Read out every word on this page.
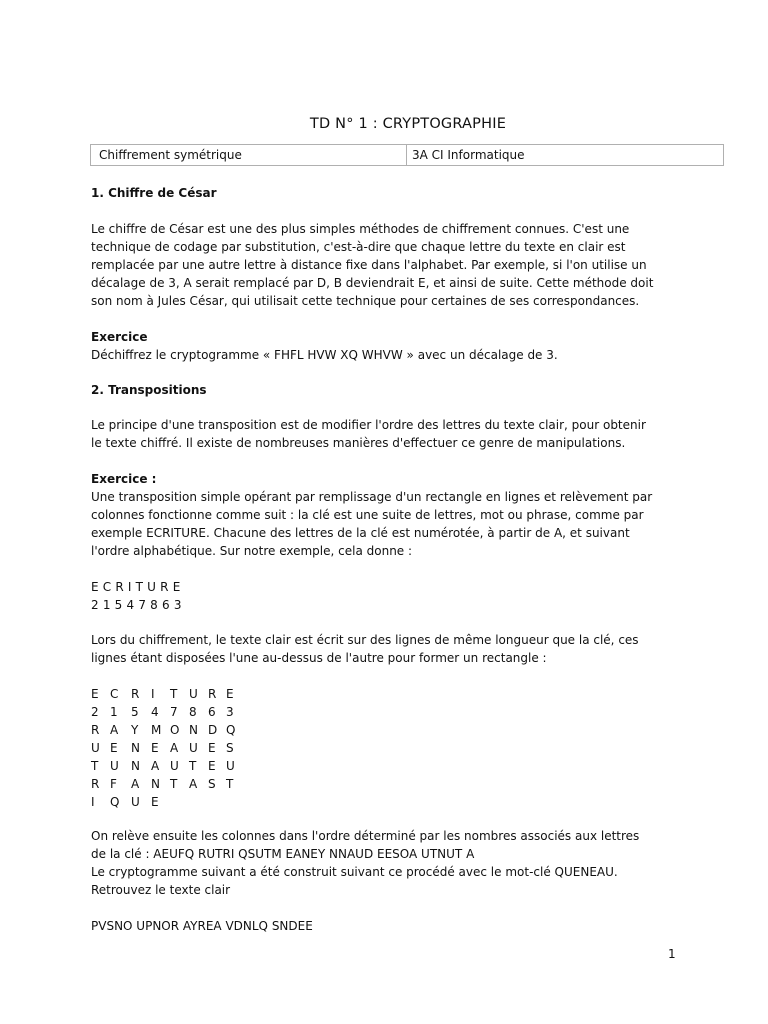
TD N° 1 : CRYPTOGRAPHIE
Chiffrement symétrique	3A CI Informatique
1. Chiffre de César
Le chiffre de César est une des plus simples méthodes de chiffrement connues. C'est une
technique de codage par substitution, c'est-à-dire que chaque lettre du texte en clair est
remplacée par une autre lettre à distance fixe dans l'alphabet. Par exemple, si l'on utilise un
décalage de 3, A serait remplacé par D, B deviendrait E, et ainsi de suite. Cette méthode doit
son nom à Jules César, qui utilisait cette technique pour certaines de ses correspondances.
Exercice
Déchiffrez le cryptogramme « FHFL HVW XQ WHVW » avec un décalage de 3.
2. Transpositions
Le principe d'une transposition est de modifier l'ordre des lettres du texte clair, pour obtenir
le texte chiffré. Il existe de nombreuses manières d'effectuer ce genre de manipulations.
Exercice :
Une transposition simple opérant par remplissage d'un rectangle en lignes et relèvement par
colonnes fonctionne comme suit : la clé est une suite de lettres, mot ou phrase, comme par
exemple ECRITURE. Chacune des lettres de la clé est numérotée, à partir de A, et suivant
l'ordre alphabétique. Sur notre exemple, cela donne :
ECRITURE
21547863
Lors du chiffrement, le texte clair est écrit sur des lignes de même longueur que la clé, ces
lignes étant disposées l'une au-dessus de l'autre pour former un rectangle :
E C R I T U R E
2 1 5 4 7 8 6 3
R A Y M O N D Q
U E N E A U E S
T U N A U T E U
R F A N T A S T
I Q U E
On relève ensuite les colonnes dans l'ordre déterminé par les nombres associés aux lettres
de la clé : AEUFQ RUTRI QSUTM EANEY NNAUD EESOA UTNUT A
Le cryptogramme suivant a été construit suivant ce procédé avec le mot-clé QUENEAU.
Retrouvez le texte clair
PVSNO UPNOR AYREA VDNLQ SNDEE
1
